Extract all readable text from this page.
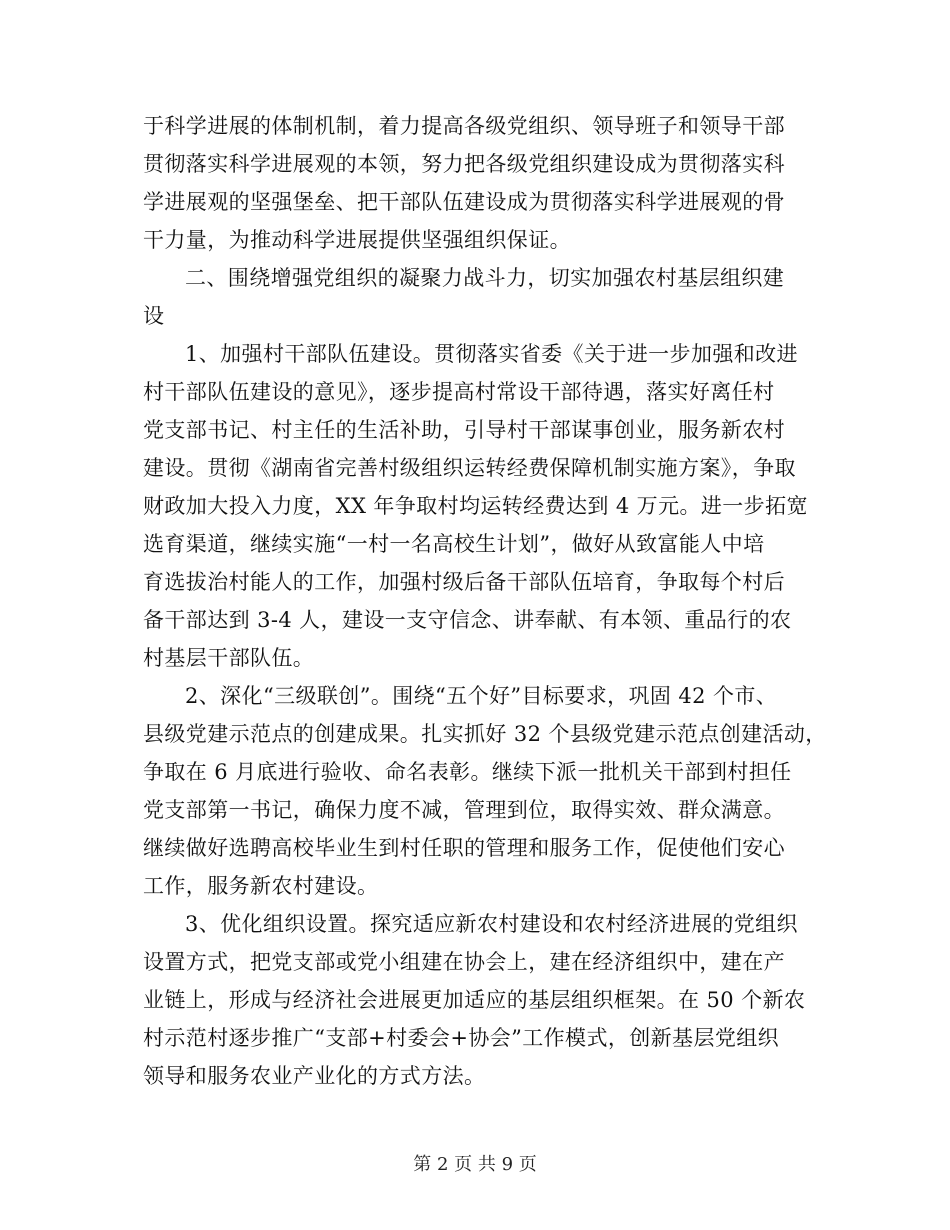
于科学进展的体制机制，着力提高各级党组织、领导班子和领导干部
贯彻落实科学进展观的本领，努力把各级党组织建设成为贯彻落实科
学进展观的坚强堡垒、把干部队伍建设成为贯彻落实科学进展观的骨
干力量，为推动科学进展提供坚强组织保证。
二、围绕增强党组织的凝聚力战斗力，切实加强农村基层组织建
设
1、加强村干部队伍建设。贯彻落实省委《关于进一步加强和改进
村干部队伍建设的意见》，逐步提高村常设干部待遇，落实好离任村
党支部书记、村主任的生活补助，引导村干部谋事创业，服务新农村
建设。贯彻《湖南省完善村级组织运转经费保障机制实施方案》，争取
财政加大投入力度，XX 年争取村均运转经费达到 4 万元。进一步拓宽
选育渠道，继续实施“一村一名高校生计划”，做好从致富能人中培
育选拔治村能人的工作，加强村级后备干部队伍培育，争取每个村后
备干部达到 3-4 人，建设一支守信念、讲奉献、有本领、重品行的农
村基层干部队伍。
2、深化“三级联创”。围绕“五个好”目标要求，巩固 42 个市、
县级党建示范点的创建成果。扎实抓好 32 个县级党建示范点创建活动，
争取在 6 月底进行验收、命名表彰。继续下派一批机关干部到村担任
党支部第一书记，确保力度不减，管理到位，取得实效、群众满意。
继续做好选聘高校毕业生到村任职的管理和服务工作，促使他们安心
工作，服务新农村建设。
3、优化组织设置。探究适应新农村建设和农村经济进展的党组织
设置方式，把党支部或党小组建在协会上，建在经济组织中，建在产
业链上，形成与经济社会进展更加适应的基层组织框架。在 50 个新农
村示范村逐步推广“支部+村委会+协会”工作模式，创新基层党组织
领导和服务农业产业化的方式方法。
第 2 页 共 9 页
